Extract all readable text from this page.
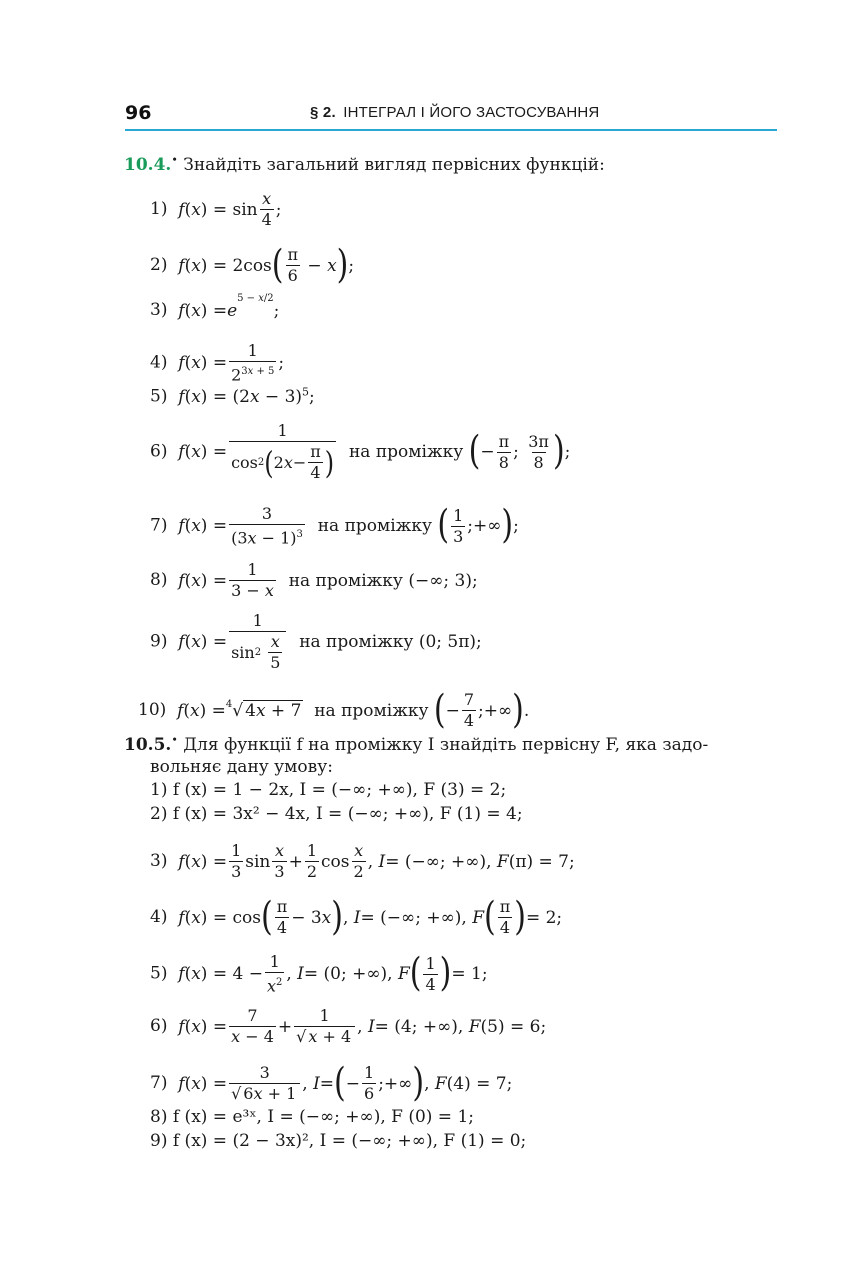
96	§ 2. ІНТЕГРАЛ І ЙОГО ЗАСТОСУВАННЯ
10.4.• Знайдіть загальний вигляд первісних функцій:
1) f ( x ) = $\sin \frac{x}{4}$ ;
2) f ( x ) = 2cos ( $\frac{\pi}{6} - x$ ) ;
3) f ( x ) = e
5 − x/2
;
4) f ( x ) = $\frac{1}{2^{3x + 5}}$ ;
5)  $f(x) = (2x - 3)^5$;
6) f ( x ) = $\frac{1}{\cos 2 ( 2 x - \frac{\pi}{4} )}$
на проміжку
( − $\frac{\pi}{8}$ ; $\frac{3\pi}{8}$ ) ;
7) f ( x ) = $\frac{3}{(3x - 1)^3}$
на проміжку
( $\frac{1}{3}$ ;+∞ ) ;
8) f ( x ) = $\frac{1}{3 - x}$
на проміжку
(−∞; 3);
9) f ( x ) = 1
sin 2
$\frac{x}{5}$
на проміжку
(0; 5π);
10) f ( x ) = 4 √ 4x + 7
на проміжку
( − $\frac{7}{4}$ ;+∞ ) .
10.5.• Для функції f на проміжку I знайдіть первісну F, яка задо-
вольняє дану умову:
1) f (x) = 1 − 2x, I = (−∞; +∞), F (3) = 2;
2) f (x) = 3x² − 4x, I = (−∞; +∞), F (1) = 4;
3) f ( x ) = $\frac{1}{3}$ $\sin \frac{x}{3} + \frac{1}{2}$ $\cos \frac{x}{2}$ , I = (−∞; +∞), F (π) = 7;
4) f ( x ) = cos ( $\frac{\pi}{4} - 3$ x ) , I = (−∞; +∞), F ( $\frac{\pi}{4}$ ) = 2;
5) f ( x ) = $4 - \frac{1}{x^2}$ , I = (0; +∞), F ( $\frac{1}{4}$ ) = 1;
6) f ( x ) = $\frac{7}{x - 4} + \frac{1}{√ x + 4}$ , I = (4; +∞), F (5) = 6;
7) f ( x ) = $\frac{3}{√ 6x + 1}$ , I = ( − $\frac{1}{6}$ ;+∞ ) , F (4) = 7;
8) f (x) = e³ˣ, I = (−∞; +∞), F (0) = 1;
9) f (x) = (2 − 3x)², I = (−∞; +∞), F (1) = 0;
